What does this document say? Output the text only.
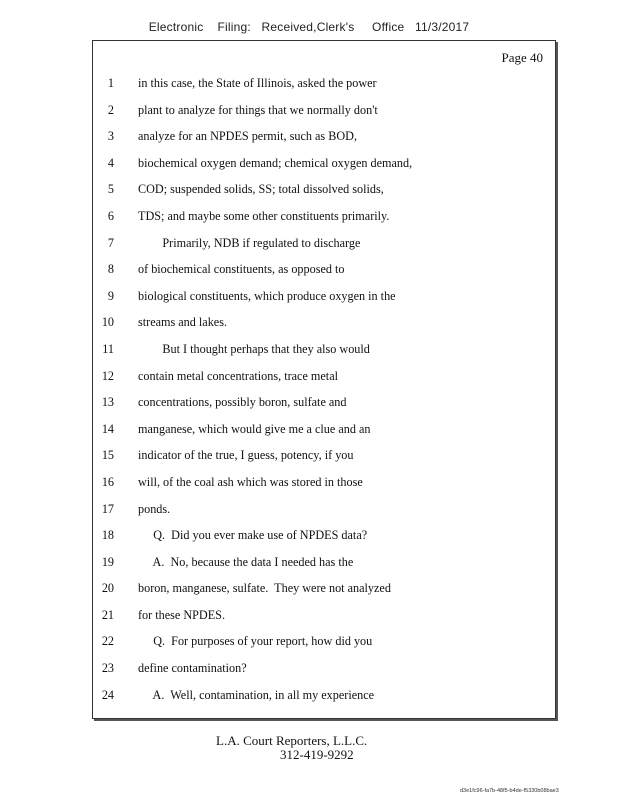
Electronic    Filing:   Received,Clerk's     Office   11/3/2017
Page 40
1 in this case, the State of Illinois, asked the power
2 plant to analyze for things that we normally don't
3 analyze for an NPDES permit, such as BOD,
4 biochemical oxygen demand; chemical oxygen demand,
5 COD; suspended solids, SS; total dissolved solids,
6 TDS; and maybe some other constituents primarily.
7 Primarily, NDB if regulated to discharge
8 of biochemical constituents, as opposed to
9 biological constituents, which produce oxygen in the
10 streams and lakes.
11 But I thought perhaps that they also would
12 contain metal concentrations, trace metal
13 concentrations, possibly boron, sulfate and
14 manganese, which would give me a clue and an
15 indicator of the true, I guess, potency, if you
16 will, of the coal ash which was stored in those
17 ponds.
18 Q.  Did you ever make use of NPDES data?
19 A.  No, because the data I needed has the
20 boron, manganese, sulfate.  They were not analyzed
21 for these NPDES.
22 Q.  For purposes of your report, how did you
23 define contamination?
24 A.  Well, contamination, in all my experience
L.A. Court Reporters, L.L.C.
312-419-9292
d3e1fc96-fa7b-48f5-b4de-f5330b08bae3
